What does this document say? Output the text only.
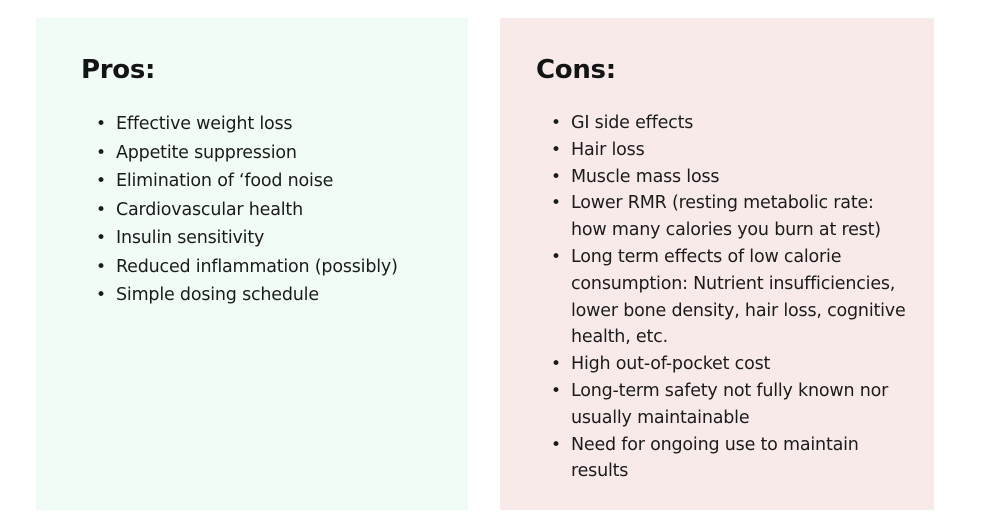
Pros:
• Effective weight loss
• Appetite suppression
• Elimination of ‘food noise
• Cardiovascular health
• Insulin sensitivity
• Reduced inflammation (possibly)
• Simple dosing schedule
Cons:
• GI side effects
• Hair loss
• Muscle mass loss
• Lower RMR (resting metabolic rate: how many calories you burn at rest)
• Long term effects of low calorie consumption: Nutrient insufficiencies, lower bone density, hair loss, cognitive health, etc.
• High out-of-pocket cost
• Long-term safety not fully known nor usually maintainable
• Need for ongoing use to maintain results
